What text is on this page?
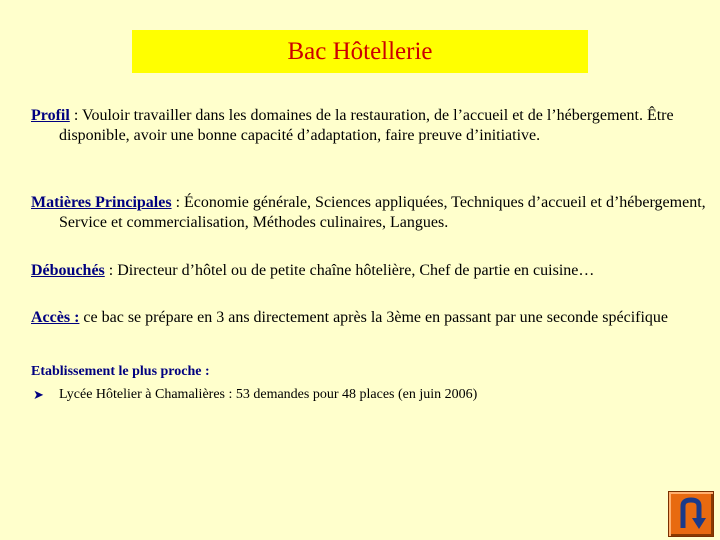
Bac Hôtellerie
Profil : Vouloir travailler dans les domaines de la restauration, de l’accueil et de l’hébergement. Être disponible, avoir une bonne capacité d’adaptation, faire preuve d’initiative.
Matières Principales : Économie générale, Sciences appliquées, Techniques d’accueil et d’hébergement, Service et commercialisation, Méthodes culinaires, Langues.
Débouchés : Directeur d’hôtel ou de petite chaîne hôtelière, Chef de partie en cuisine…
Accès : ce bac se prépare en 3 ans directement après la 3ème en passant par une seconde spécifique
Etablissement le plus proche :
➤	Lycée Hôtelier à Chamalières : 53 demandes pour 48 places (en juin 2006)
